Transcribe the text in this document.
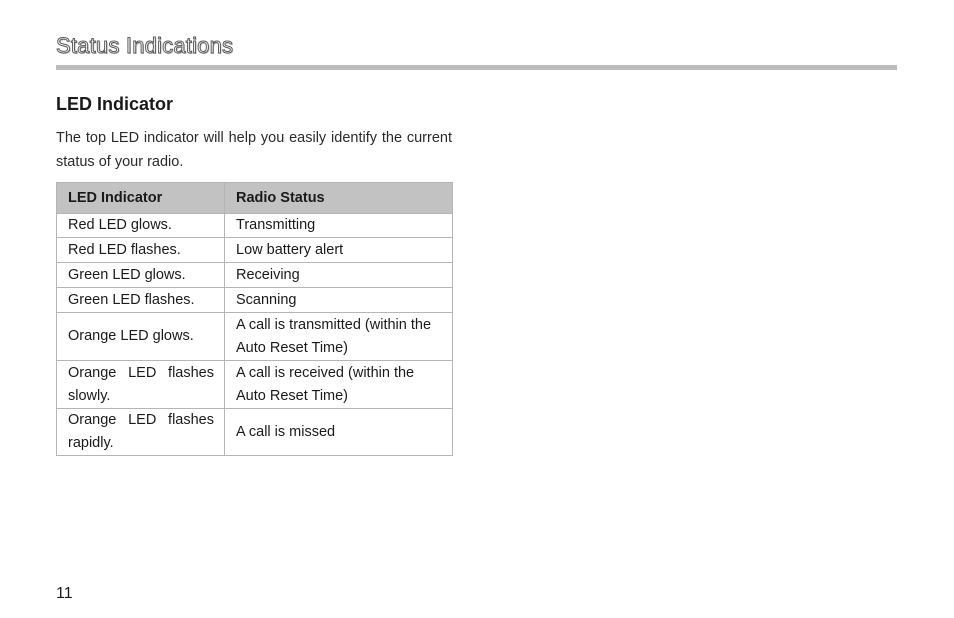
Status Indications
LED Indicator

The top LED indicator will help you easily identify the current status of your radio.

LED Indicator	Radio Status
Red LED glows.	Transmitting
Red LED flashes.	Low battery alert
Green LED glows.	Receiving
Green LED flashes.	Scanning
Orange LED glows.	A call is transmitted (within the Auto Reset Time)
Orange LED flashes slowly.	A call is received (within the Auto Reset Time)
Orange LED flashes rapidly.	A call is missed

11
